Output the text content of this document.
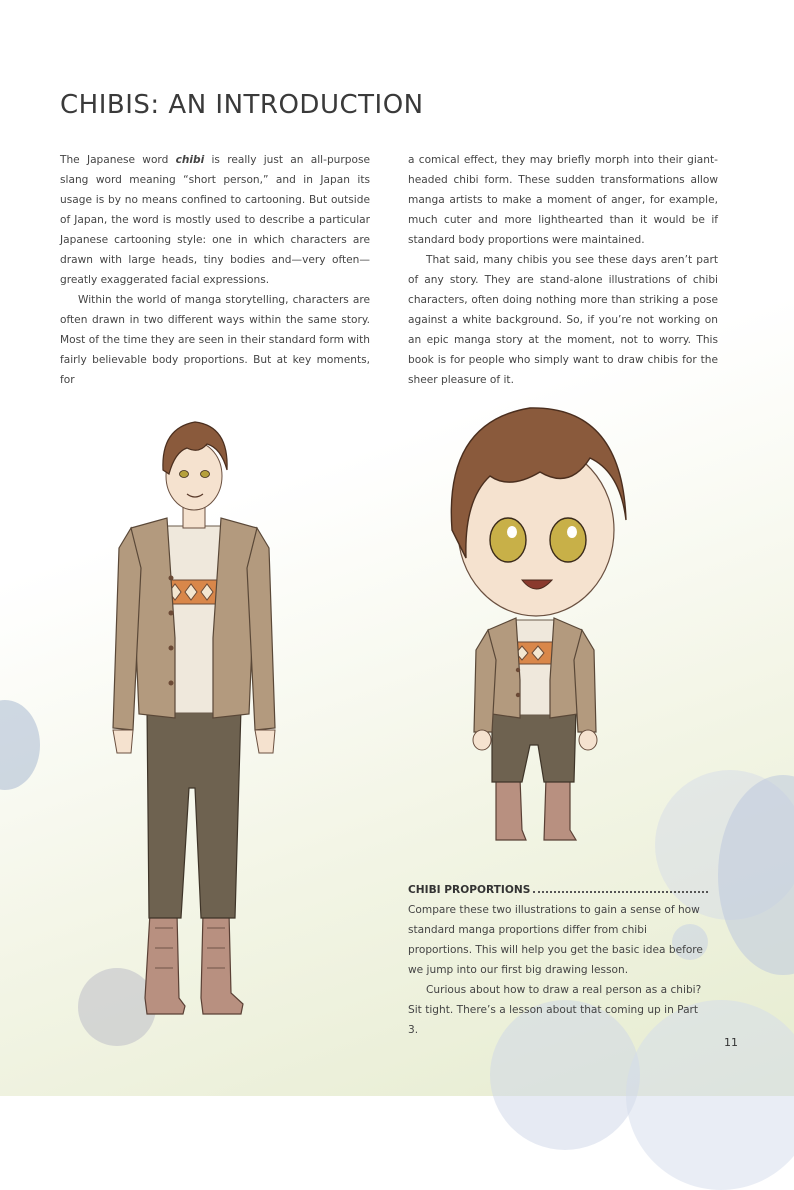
CHIBIS: AN INTRODUCTION

The Japanese word chibi is really just an all-purpose slang word meaning “short person,” and in Japan its usage is by no means confined to cartooning. But outside of Japan, the word is mostly used to describe a particular Japanese cartooning style: one in which characters are drawn with large heads, tiny bodies and—very often—greatly exaggerated facial expressions.

Within the world of manga storytelling, characters are often drawn in two different ways within the same story. Most of the time they are seen in their standard form with fairly believable body proportions. But at key moments, for

a comical effect, they may briefly morph into their giant-headed chibi form. These sudden transformations allow manga artists to make a moment of anger, for example, much cuter and more lighthearted than it would be if standard body proportions were maintained.

That said, many chibis you see these days aren’t part of any story. They are stand-alone illustrations of chibi characters, often doing nothing more than striking a pose against a white background. So, if you’re not working on an epic manga story at the moment, not to worry. This book is for people who simply want to draw chibis for the sheer pleasure of it.

CHIBI PROPORTIONS

Compare these two illustrations to gain a sense of how standard manga proportions differ from chibi proportions. This will help you get the basic idea before we jump into our first big drawing lesson.

Curious about how to draw a real person as a chibi? Sit tight. There’s a lesson about that coming up in Part 3.

11
